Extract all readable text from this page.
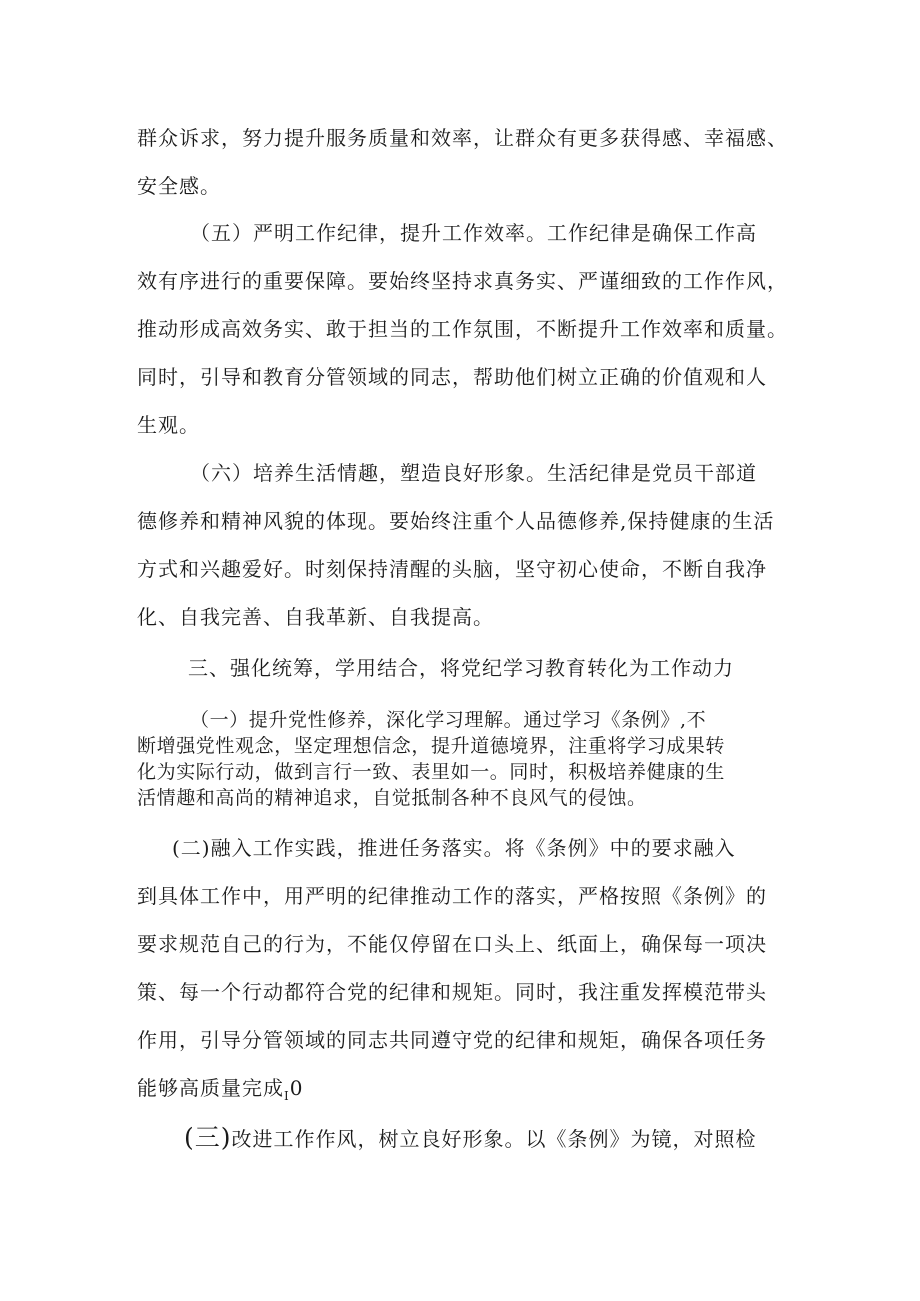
群众诉求，努力提升服务质量和效率，让群众有更多获得感、幸福感、
安全感。
（五）严明工作纪律，提升工作效率。工作纪律是确保工作高
效有序进行的重要保障。要始终坚持求真务实、严谨细致的工作作风，
推动形成高效务实、敢于担当的工作氛围，不断提升工作效率和质量。
同时，引导和教育分管领域的同志，帮助他们树立正确的价值观和人
生观。
（六）培养生活情趣，塑造良好形象。生活纪律是党员干部道
德修养和精神风貌的体现。要始终注重个人品德修养,保持健康的生活
方式和兴趣爱好。时刻保持清醒的头脑，坚守初心使命，不断自我净
化、自我完善、自我革新、自我提高。
三、强化统筹，学用结合，将党纪学习教育转化为工作动力
（一）提升党性修养，深化学习理解。通过学习《条例》,不
断增强党性观念，坚定理想信念，提升道德境界，注重将学习成果转
化为实际行动，做到言行一致、表里如一。同时，积极培养健康的生
活情趣和高尚的精神追求，自觉抵制各种不良风气的侵蚀。
(二)融入工作实践，推进任务落实。将《条例》中的要求融入
到具体工作中，用严明的纪律推动工作的落实，严格按照《条例》的
要求规范自己的行为，不能仅停留在口头上、纸面上，确保每一项决
策、每一个行动都符合党的纪律和规矩。同时，我注重发挥模范带头
作用，引导分管领域的同志共同遵守党的纪律和规矩，确保各项任务
能够高质量完成$_I$0
(三)改进工作作风，树立良好形象。以《条例》为镜，对照检
